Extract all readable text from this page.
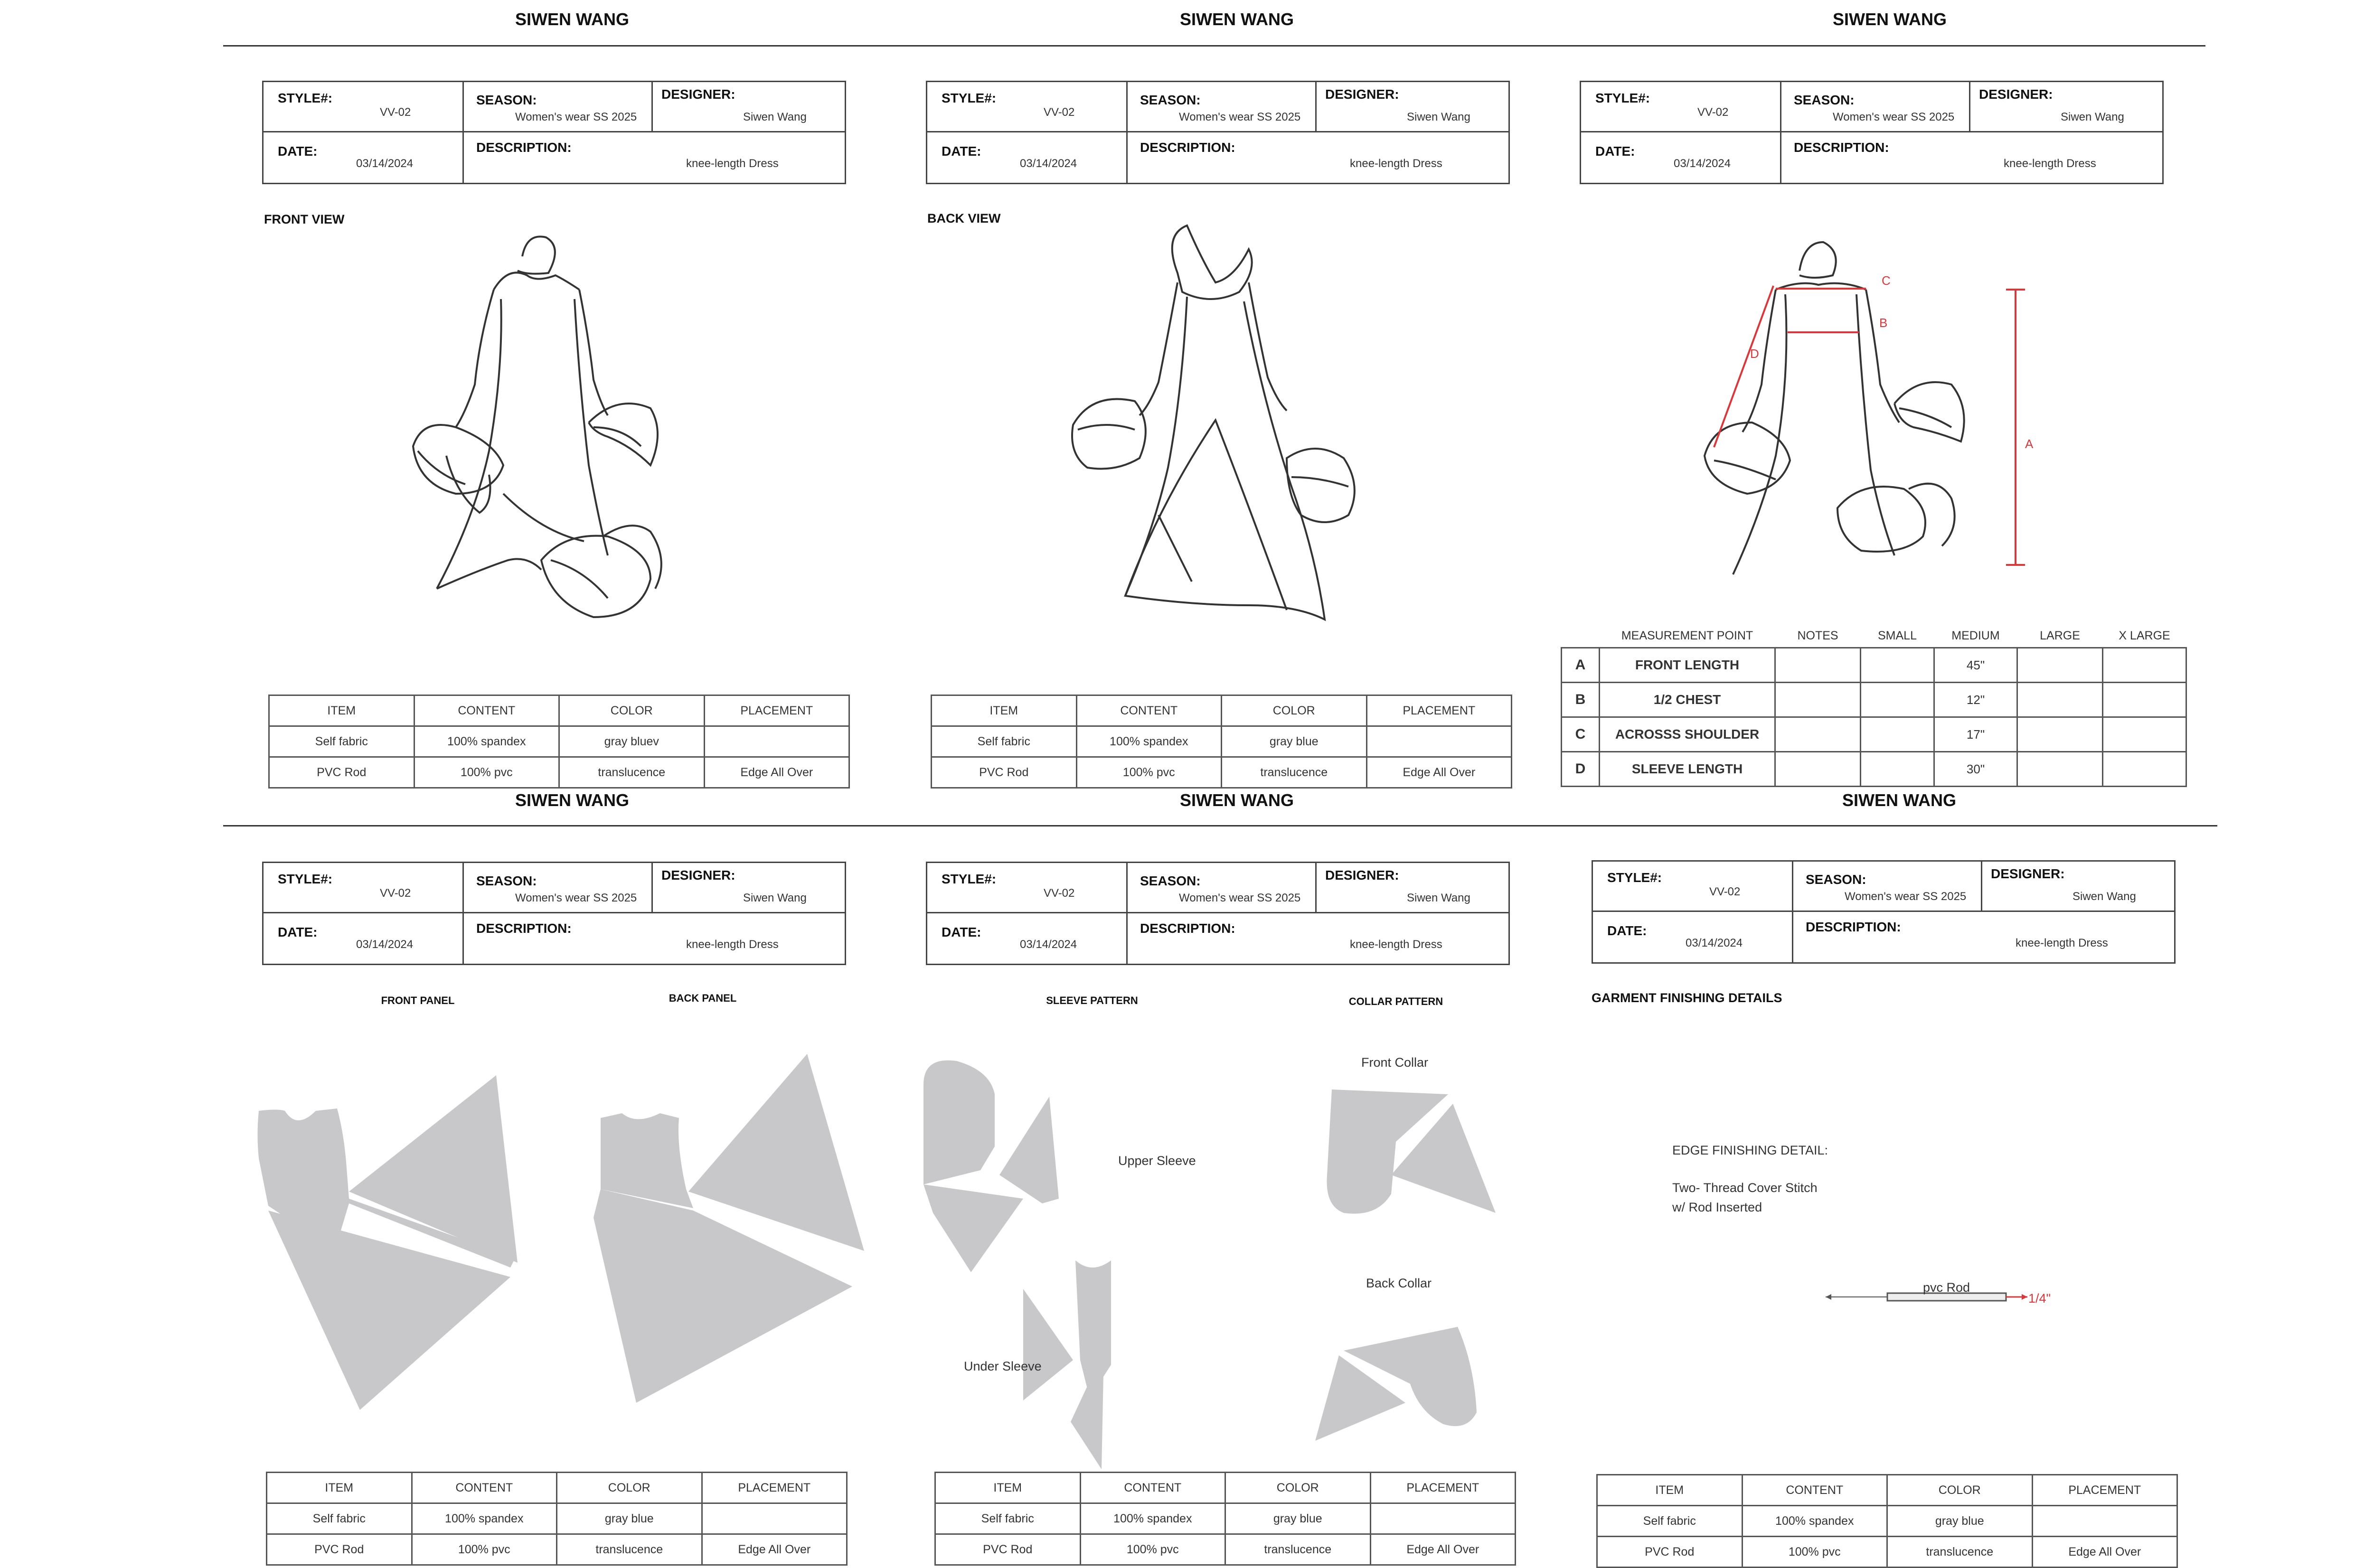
SIWEN WANG	SIWEN WANG	SIWEN WANG
SIWEN WANG	SIWEN WANG	SIWEN WANG
STYLE#:
VV-02
SEASON:
Women's wear SS 2025
DESIGNER:
Siwen Wang
DATE:
03/14/2024
DESCRIPTION:
knee-length Dress
STYLE#:
VV-02
SEASON:
Women's wear SS 2025
DESIGNER:
Siwen Wang
DATE:
03/14/2024
DESCRIPTION:
knee-length Dress
STYLE#:
VV-02
SEASON:
Women's wear SS 2025
DESIGNER:
Siwen Wang
DATE:
03/14/2024
DESCRIPTION:
knee-length Dress
STYLE#:
VV-02
SEASON:
Women's wear SS 2025
DESIGNER:
Siwen Wang
DATE:
03/14/2024
DESCRIPTION:
knee-length Dress
STYLE#:
VV-02
SEASON:
Women's wear SS 2025
DESIGNER:
Siwen Wang
DATE:
03/14/2024
DESCRIPTION:
knee-length Dress
STYLE#:
VV-02
SEASON:
Women's wear SS 2025
DESIGNER:
Siwen Wang
DATE:
03/14/2024
DESCRIPTION:
knee-length Dress
FRONT VIEW	BACK VIEW
C
B
D
A
ITEM	CONTENT	COLOR	PLACEMENT
Self fabric	100% spandex	gray bluev	
PVC Rod	100% pvc	translucence	Edge All Over
ITEM	CONTENT	COLOR	PLACEMENT
Self fabric	100% spandex	gray blue	
PVC Rod	100% pvc	translucence	Edge All Over
ITEM	CONTENT	COLOR	PLACEMENT
Self fabric	100% spandex	gray blue	
PVC Rod	100% pvc	translucence	Edge All Over
ITEM	CONTENT	COLOR	PLACEMENT
Self fabric	100% spandex	gray blue	
PVC Rod	100% pvc	translucence	Edge All Over
ITEM	CONTENT	COLOR	PLACEMENT
Self fabric	100% spandex	gray blue	
PVC Rod	100% pvc	translucence	Edge All Over
	MEASUREMENT POINT	NOTES	SMALL	MEDIUM	LARGE	X LARGE
A	FRONT LENGTH			45"		
B	1/2 CHEST			12"		
C	ACROSSS SHOULDER			17"		
D	SLEEVE LENGTH			30"		
FRONT PANEL	BACK PANEL	SLEEVE PATTERN	COLLAR PATTERN	GARMENT FINISHING DETAILS
Upper Sleeve
Under Sleeve
Front Collar
Back Collar
EDGE FINISHING DETAIL:
Two- Thread Cover Stitch
w/ Rod Inserted
pvc Rod
1/4"
